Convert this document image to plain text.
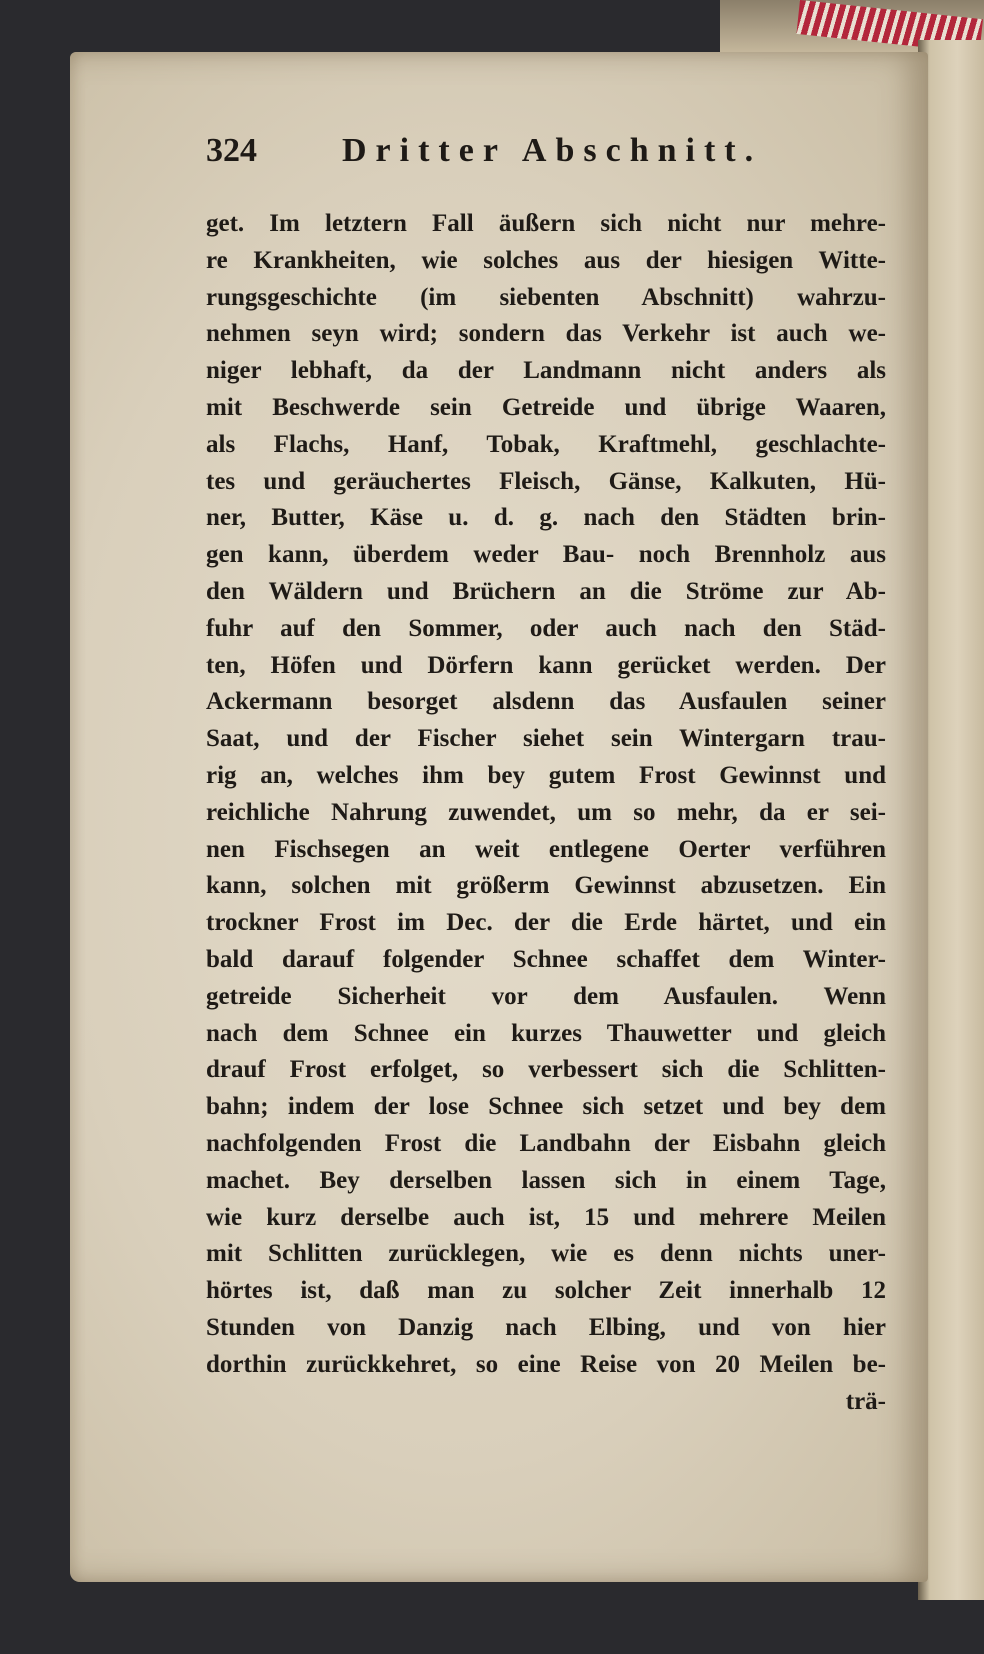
324	Dritter Abschnitt.
get. Im letztern Fall äußern sich nicht nur mehre-
re Krankheiten, wie solches aus der hiesigen Witte-
rungsgeschichte (im siebenten Abschnitt) wahrzu-
nehmen seyn wird; sondern das Verkehr ist auch we-
niger lebhaft, da der Landmann nicht anders als
mit Beschwerde sein Getreide und übrige Waaren,
als Flachs, Hanf, Tobak, Kraftmehl, geschlachte-
tes und geräuchertes Fleisch, Gänse, Kalkuten, Hü-
ner, Butter, Käse u. d. g. nach den Städten brin-
gen kann, überdem weder Bau- noch Brennholz aus
den Wäldern und Brüchern an die Ströme zur Ab-
fuhr auf den Sommer, oder auch nach den Städ-
ten, Höfen und Dörfern kann gerücket werden. Der
Ackermann besorget alsdenn das Ausfaulen seiner
Saat, und der Fischer siehet sein Wintergarn trau-
rig an, welches ihm bey gutem Frost Gewinnst und
reichliche Nahrung zuwendet, um so mehr, da er sei-
nen Fischsegen an weit entlegene Oerter verführen
kann, solchen mit größerm Gewinnst abzusetzen. Ein
trockner Frost im Dec. der die Erde härtet, und ein
bald darauf folgender Schnee schaffet dem Winter-
getreide Sicherheit vor dem Ausfaulen. Wenn
nach dem Schnee ein kurzes Thauwetter und gleich
drauf Frost erfolget, so verbessert sich die Schlitten-
bahn; indem der lose Schnee sich setzet und bey dem
nachfolgenden Frost die Landbahn der Eisbahn gleich
machet. Bey derselben lassen sich in einem Tage,
wie kurz derselbe auch ist, 15 und mehrere Meilen
mit Schlitten zurücklegen, wie es denn nichts uner-
hörtes ist, daß man zu solcher Zeit innerhalb 12
Stunden von Danzig nach Elbing, und von hier
dorthin zurückkehret, so eine Reise von 20 Meilen be-
trä-
